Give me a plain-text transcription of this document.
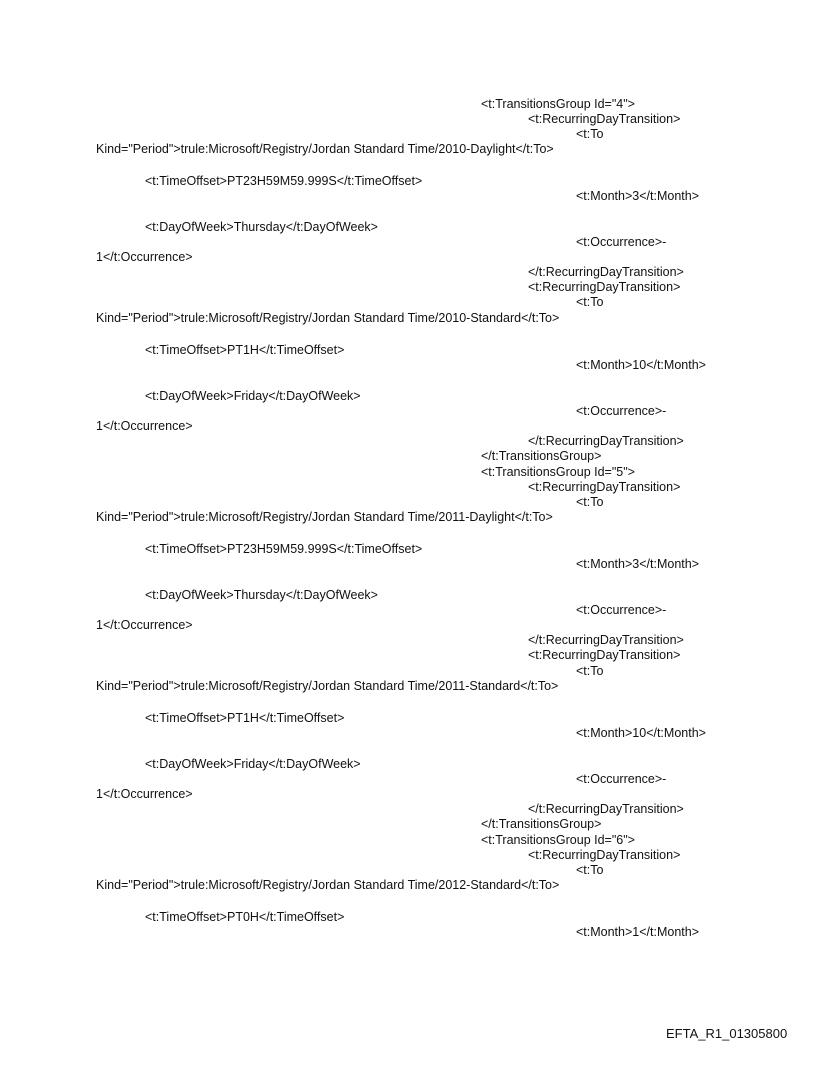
<t:TransitionsGroup Id="4">
<t:RecurringDayTransition>
<t:To
Kind="Period">trule:Microsoft/Registry/Jordan Standard Time/2010-Daylight</t:To>
<t:TimeOffset>PT23H59M59.999S</t:TimeOffset>
<t:Month>3</t:Month>
<t:DayOfWeek>Thursday</t:DayOfWeek>
<t:Occurrence>-
1</t:Occurrence>
</t:RecurringDayTransition>
<t:RecurringDayTransition>
<t:To
Kind="Period">trule:Microsoft/Registry/Jordan Standard Time/2010-Standard</t:To>
<t:TimeOffset>PT1H</t:TimeOffset>
<t:Month>10</t:Month>
<t:DayOfWeek>Friday</t:DayOfWeek>
<t:Occurrence>-
1</t:Occurrence>
</t:RecurringDayTransition>
</t:TransitionsGroup>
<t:TransitionsGroup Id="5">
<t:RecurringDayTransition>
<t:To
Kind="Period">trule:Microsoft/Registry/Jordan Standard Time/2011-Daylight</t:To>
<t:TimeOffset>PT23H59M59.999S</t:TimeOffset>
<t:Month>3</t:Month>
<t:DayOfWeek>Thursday</t:DayOfWeek>
<t:Occurrence>-
1</t:Occurrence>
</t:RecurringDayTransition>
<t:RecurringDayTransition>
<t:To
Kind="Period">trule:Microsoft/Registry/Jordan Standard Time/2011-Standard</t:To>
<t:TimeOffset>PT1H</t:TimeOffset>
<t:Month>10</t:Month>
<t:DayOfWeek>Friday</t:DayOfWeek>
<t:Occurrence>-
1</t:Occurrence>
</t:RecurringDayTransition>
</t:TransitionsGroup>
<t:TransitionsGroup Id="6">
<t:RecurringDayTransition>
<t:To
Kind="Period">trule:Microsoft/Registry/Jordan Standard Time/2012-Standard</t:To>
<t:TimeOffset>PT0H</t:TimeOffset>
<t:Month>1</t:Month>
EFTA_R1_01305800
